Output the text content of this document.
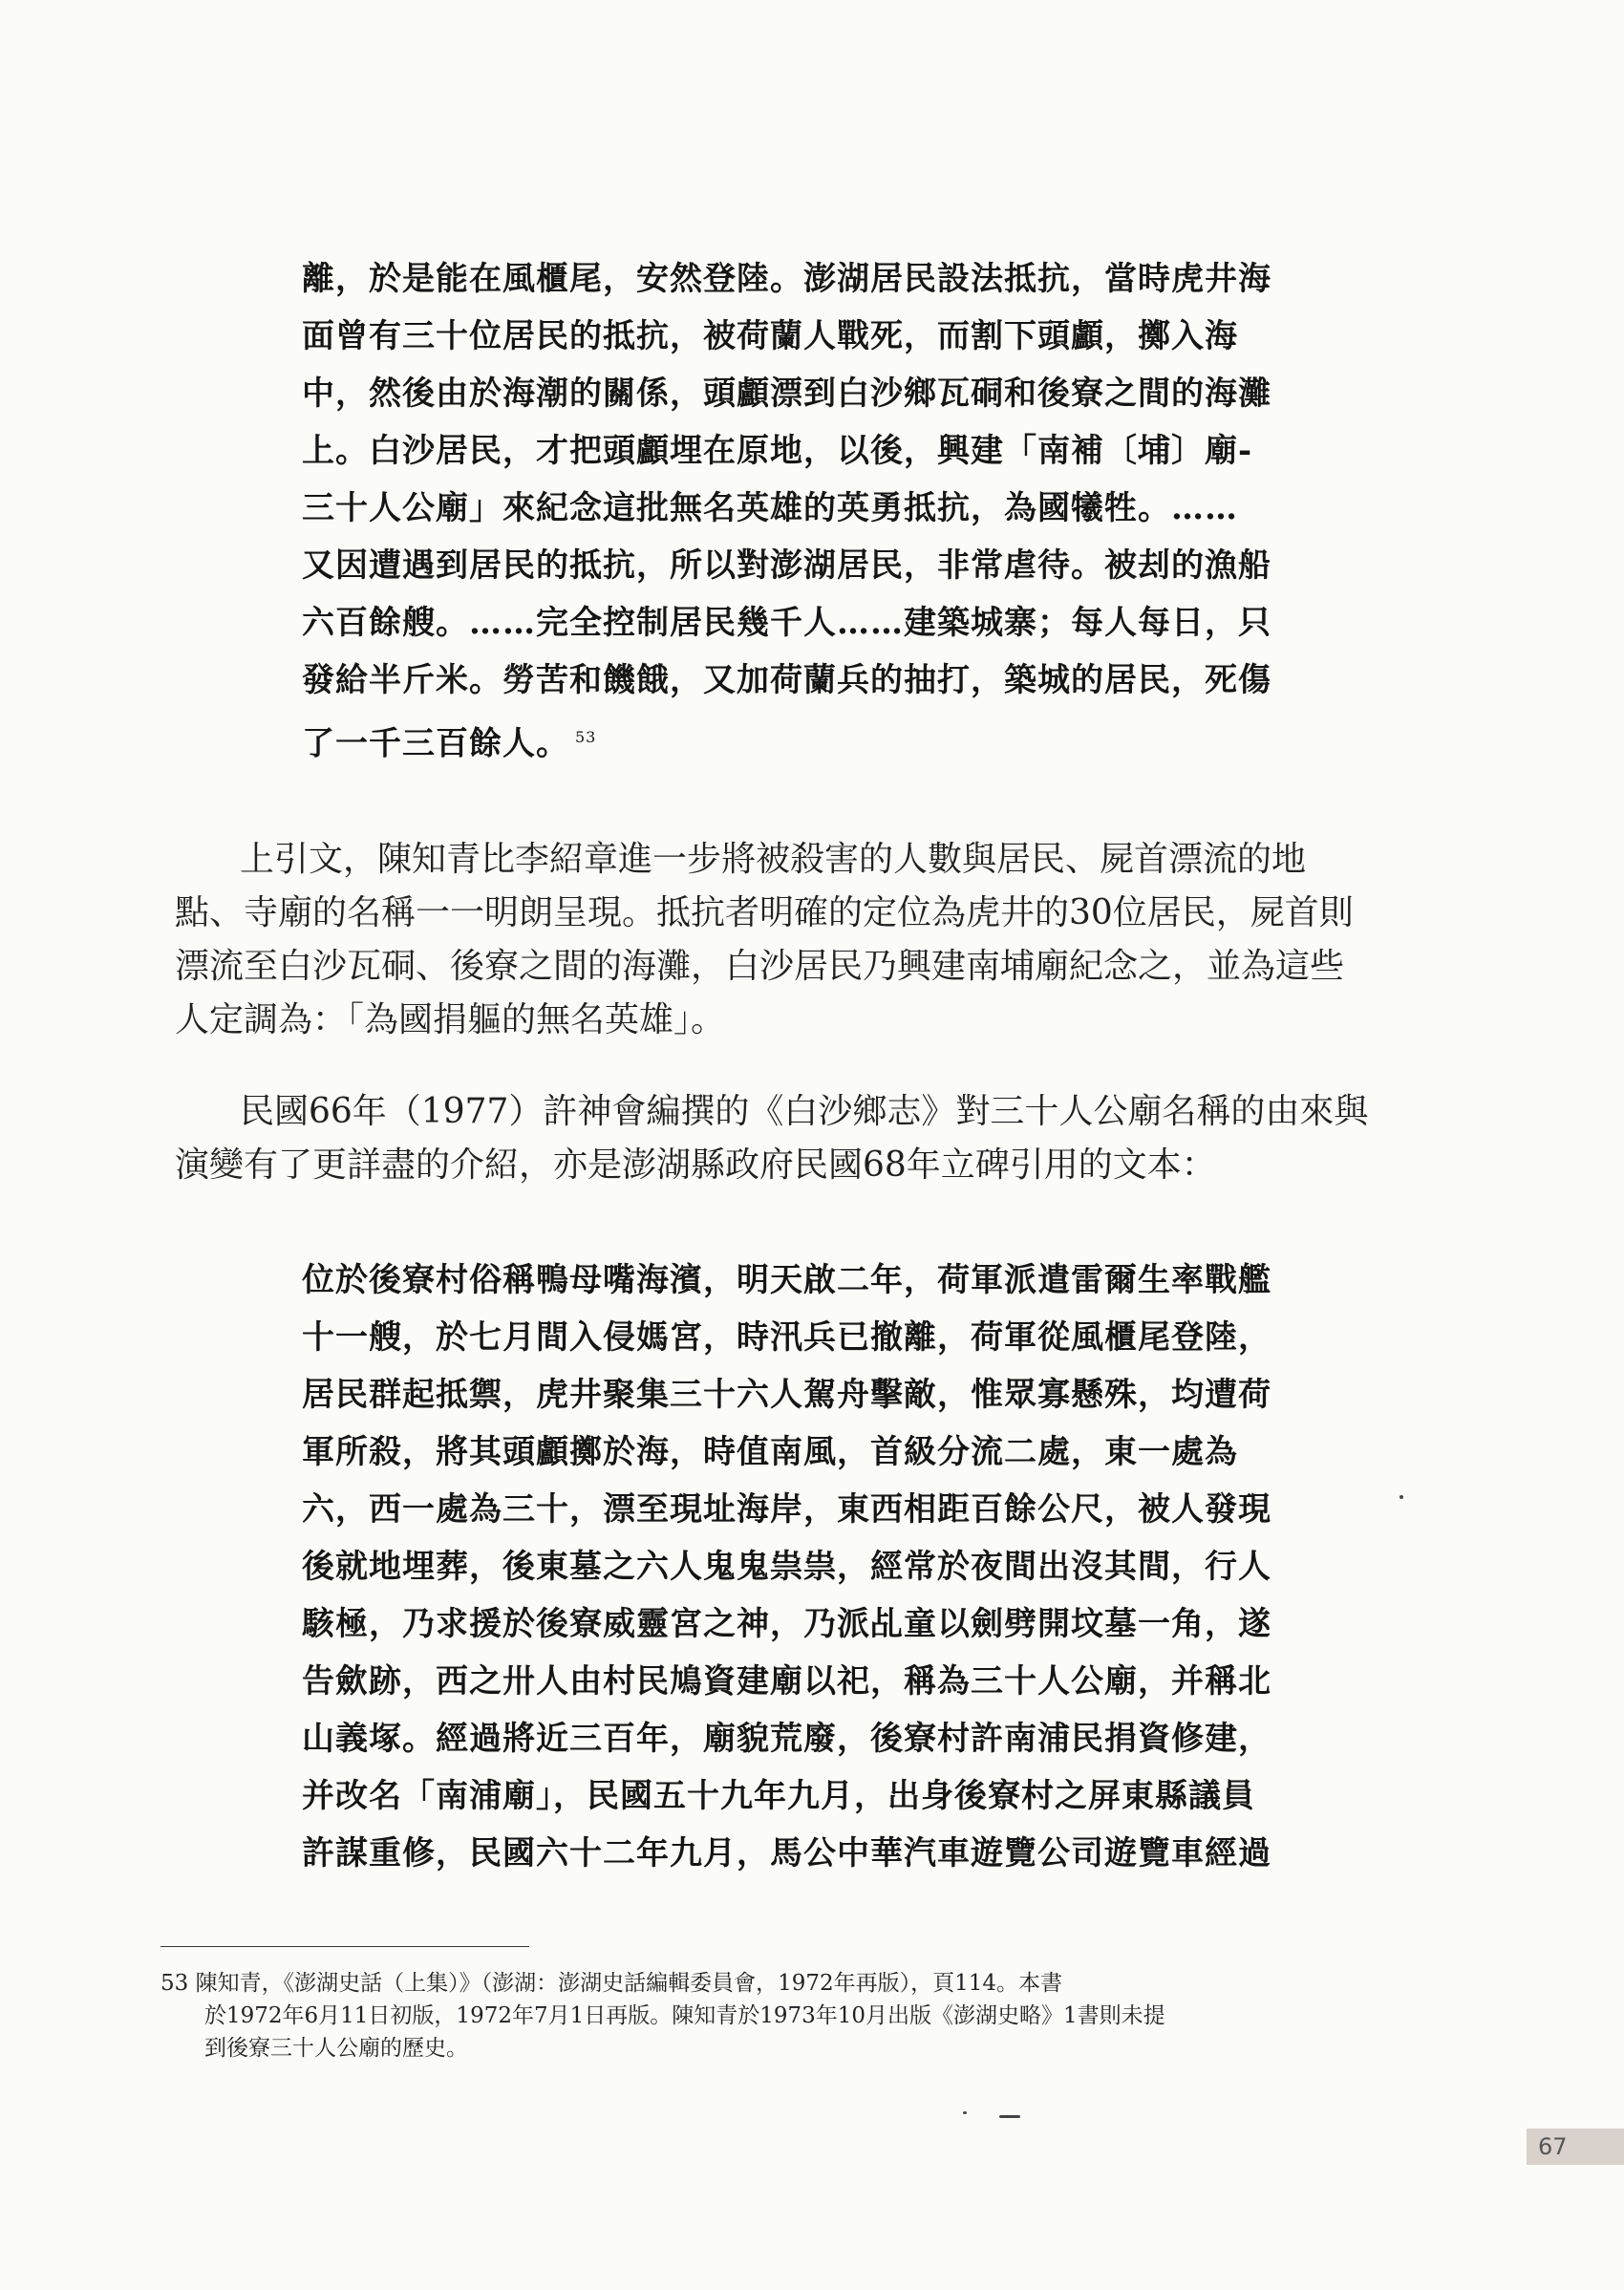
離，於是能在風櫃尾，安然登陸。澎湖居民設法抵抗，當時虎井海
面曾有三十位居民的抵抗，被荷蘭人戰死，而割下頭顱，擲入海
中，然後由於海潮的關係，頭顱漂到白沙鄉瓦硐和後寮之間的海灘
上。白沙居民，才把頭顱埋在原地，以後，興建「南補〔埔〕廟-
三十人公廟」來紀念這批無名英雄的英勇抵抗，為國犧牲。……
又因遭遇到居民的抵抗，所以對澎湖居民，非常虐待。被刦的漁船
六百餘艘。……完全控制居民幾千人……建築城寨；每人每日，只
發給半斤米。勞苦和饑餓，又加荷蘭兵的抽打，築城的居民，死傷
了一千三百餘人。 $^{53}$
上引文，陳知青比李紹章進一步將被殺害的人數與居民、屍首漂流的地
點、寺廟的名稱一一明朗呈現。抵抗者明確的定位為虎井的30位居民，屍首則
漂流至白沙瓦硐、後寮之間的海灘，白沙居民乃興建南埔廟紀念之，並為這些
人定調為：「為國捐軀的無名英雄」。
民國66年（1977）許神會編撰的《白沙鄉志》對三十人公廟名稱的由來與
演變有了更詳盡的介紹，亦是澎湖縣政府民國68年立碑引用的文本：
位於後寮村俗稱鴨母嘴海濱，明天啟二年，荷軍派遣雷爾生率戰艦
十一艘，於七月間入侵媽宮，時汛兵已撤離，荷軍從風櫃尾登陸，
居民群起抵禦，虎井聚集三十六人駕舟擊敵，惟眾寡懸殊，均遭荷
軍所殺，將其頭顱擲於海，時值南風，首級分流二處，東一處為
六，西一處為三十，漂至現址海岸，東西相距百餘公尺，被人發現
後就地埋葬，後東墓之六人鬼鬼祟祟，經常於夜間出沒其間，行人
駭極，乃求援於後寮威靈宮之神，乃派乩童以劍劈開坟墓一角，遂
告歛跡，西之卅人由村民鳩資建廟以祀，稱為三十人公廟，并稱北
山義塚。經過將近三百年，廟貌荒廢，後寮村許南浦民捐資修建，
并改名「南浦廟」，民國五十九年九月，出身後寮村之屏東縣議員
許謀重修，民國六十二年九月，馬公中華汽車遊覽公司遊覽車經過
53 陳知青，《澎湖史話（上集）》（澎湖：澎湖史話編輯委員會，1972年再版），頁114。本書
於1972年6月11日初版，1972年7月1日再版。陳知青於1973年10月出版《澎湖史略》1書則未提
到後寮三十人公廟的歷史。
67
